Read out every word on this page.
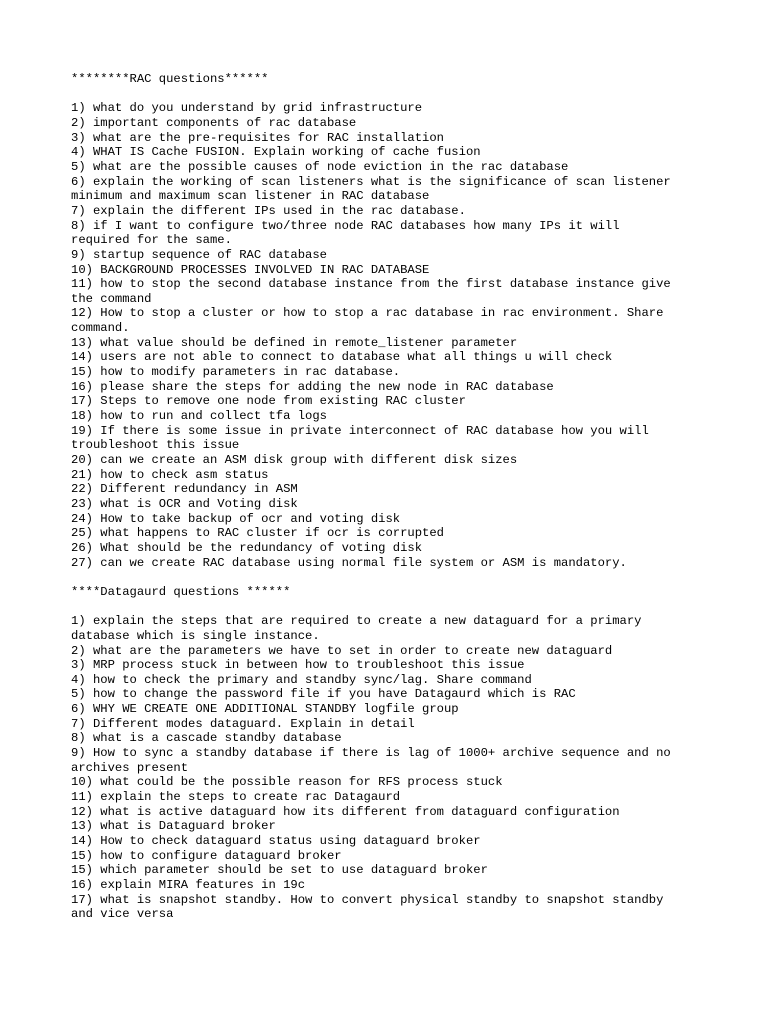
********RAC questions******
1) what do you understand by grid infrastructure
2) important components of rac database
3) what are the pre-requisites for RAC installation
4) WHAT IS Cache FUSION. Explain working of cache fusion
5) what are the possible causes of node eviction in the rac database
6) explain the working of scan listeners what is the significance of scan listener
minimum and maximum scan listener in RAC database
7) explain the different IPs used in the rac database.
8) if I want to configure two/three node RAC databases how many IPs it will
required for the same.
9) startup sequence of RAC database
10) BACKGROUND PROCESSES INVOLVED IN RAC DATABASE
11) how to stop the second database instance from the first database instance give
the command
12) How to stop a cluster or how to stop a rac database in rac environment. Share
command.
13) what value should be defined in remote_listener parameter
14) users are not able to connect to database what all things u will check
15) how to modify parameters in rac database.
16) please share the steps for adding the new node in RAC database
17) Steps to remove one node from existing RAC cluster
18) how to run and collect tfa logs
19) If there is some issue in private interconnect of RAC database how you will
troubleshoot this issue
20) can we create an ASM disk group with different disk sizes
21) how to check asm status
22) Different redundancy in ASM
23) what is OCR and Voting disk
24) How to take backup of ocr and voting disk
25) what happens to RAC cluster if ocr is corrupted
26) What should be the redundancy of voting disk
27) can we create RAC database using normal file system or ASM is mandatory.
****Datagaurd questions ******
1) explain the steps that are required to create a new dataguard for a primary
database which is single instance.
2) what are the parameters we have to set in order to create new dataguard
3) MRP process stuck in between how to troubleshoot this issue
4) how to check the primary and standby sync/lag. Share command
5) how to change the password file if you have Datagaurd which is RAC
6) WHY WE CREATE ONE ADDITIONAL STANDBY logfile group
7) Different modes dataguard. Explain in detail
8) what is a cascade standby database
9) How to sync a standby database if there is lag of 1000+ archive sequence and no
archives present
10) what could be the possible reason for RFS process stuck
11) explain the steps to create rac Datagaurd
12) what is active dataguard how its different from dataguard configuration
13) what is Dataguard broker
14) How to check dataguard status using dataguard broker
15) how to configure dataguard broker
15) which parameter should be set to use dataguard broker
16) explain MIRA features in 19c
17) what is snapshot standby. How to convert physical standby to snapshot standby
and vice versa
